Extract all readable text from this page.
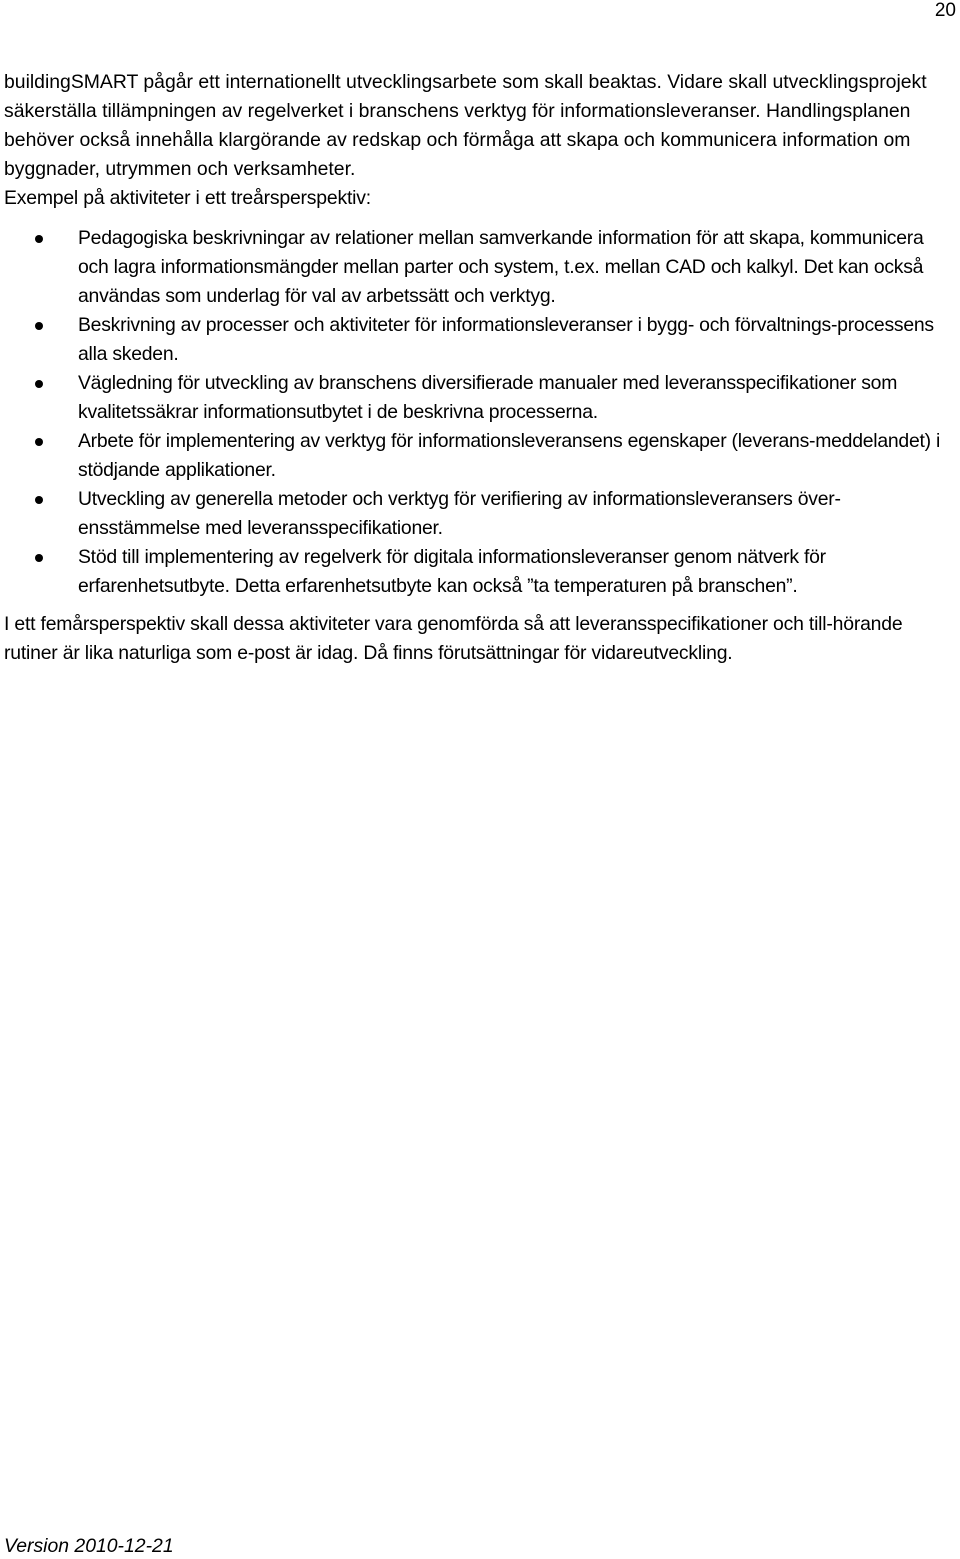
20

buildingSMART pågår ett internationellt utvecklingsarbete som skall beaktas. Vidare skall utvecklingsprojekt säkerställa tillämpningen av regelverket i branschens verktyg för informationsleveranser. Handlingsplanen behöver också innehålla klargörande av redskap och förmåga att skapa och kommunicera information om byggnader, utrymmen och verksamheter.

Exempel på aktiviteter i ett treårsperspektiv:

Pedagogiska beskrivningar av relationer mellan samverkande information för att skapa, kommunicera och lagra informationsmängder mellan parter och system, t.ex. mellan CAD och kalkyl. Det kan också användas som underlag för val av arbetssätt och verktyg.
Beskrivning av processer och aktiviteter för informationsleveranser i bygg- och förvaltnings-processens alla skeden.
Vägledning för utveckling av branschens diversifierade manualer med leveransspecifikationer som kvalitetssäkrar informationsutbytet i de beskrivna processerna.
Arbete för implementering av verktyg för informationsleveransens egenskaper (leverans-meddelandet) i stödjande applikationer.
Utveckling av generella metoder och verktyg för verifiering av informationsleveransers över-ensstämmelse med leveransspecifikationer.
Stöd till implementering av regelverk för digitala informationsleveranser genom nätverk för erfarenhetsutbyte. Detta erfarenhetsutbyte kan också ”ta temperaturen på branschen”.

I ett femårsperspektiv skall dessa aktiviteter vara genomförda så att leveransspecifikationer och till-hörande rutiner är lika naturliga som e-post är idag. Då finns förutsättningar för vidareutveckling.

Version 2010-12-21
